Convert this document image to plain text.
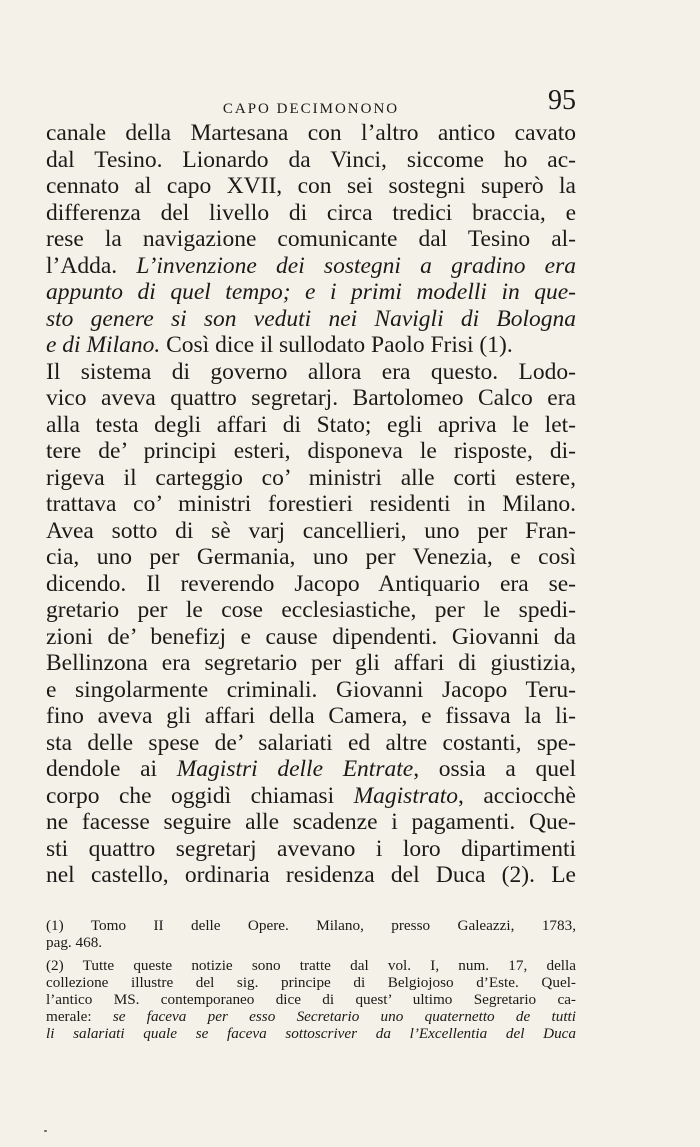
CAPO DECIMONONO	95
canale della Martesana con l’altro antico cavato
dal Tesino. Lionardo da Vinci, siccome ho ac-
cennato al capo XVII, con sei sostegni superò la
differenza del livello di circa tredici braccia, e
rese la navigazione comunicante dal Tesino al-
l’Adda. L’invenzione dei sostegni a gradino era
appunto di quel tempo; e i primi modelli in que-
sto genere si son veduti nei Navigli di Bologna
e di Milano. Così dice il sullodato Paolo Frisi (1).
Il sistema di governo allora era questo. Lodo-
vico aveva quattro segretarj. Bartolomeo Calco era
alla testa degli affari di Stato; egli apriva le let-
tere de’ principi esteri, disponeva le risposte, di-
rigeva il carteggio co’ ministri alle corti estere,
trattava co’ ministri forestieri residenti in Milano.
Avea sotto di sè varj cancellieri, uno per Fran-
cia, uno per Germania, uno per Venezia, e così
dicendo. Il reverendo Jacopo Antiquario era se-
gretario per le cose ecclesiastiche, per le spedi-
zioni de’ benefizj e cause dipendenti. Giovanni da
Bellinzona era segretario per gli affari di giustizia,
e singolarmente criminali. Giovanni Jacopo Teru-
fino aveva gli affari della Camera, e fissava la li-
sta delle spese de’ salariati ed altre costanti, spe-
dendole ai Magistri delle Entrate, ossia a quel
corpo che oggidì chiamasi Magistrato, acciocchè
ne facesse seguire alle scadenze i pagamenti. Que-
sti quattro segretarj avevano i loro dipartimenti
nel castello, ordinaria residenza del Duca (2). Le
(1) Tomo II delle Opere. Milano, presso Galeazzi, 1783,
pag. 468.
(2) Tutte queste notizie sono tratte dal vol. I, num. 17, della
collezione illustre del sig. principe di Belgiojoso d’Este. Quel-
l’antico MS. contemporaneo dice di quest’ ultimo Segretario ca-
merale: se faceva per esso Secretario uno quaternetto de tutti
li salariati quale se faceva sottoscriver da l’Excellentia del Duca
